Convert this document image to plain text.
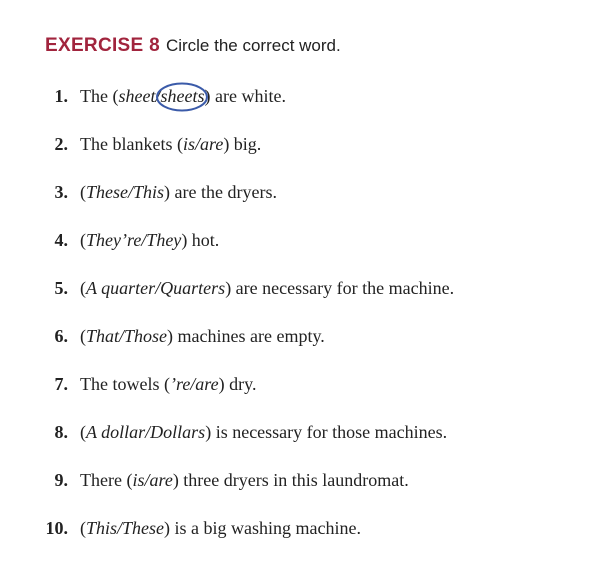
EXERCISE 8 Circle the correct word.
1. The (sheet/sheets
) are white.
2. The blankets (is/are) big.
3. (These/This) are the dryers.
4. (They’re/They) hot.
5. (A quarter/Quarters) are necessary for the machine.
6. (That/Those) machines are empty.
7. The towels (’re/are) dry.
8. (A dollar/Dollars) is necessary for those machines.
9. There (is/are) three dryers in this laundromat.
10. (This/These) is a big washing machine.
